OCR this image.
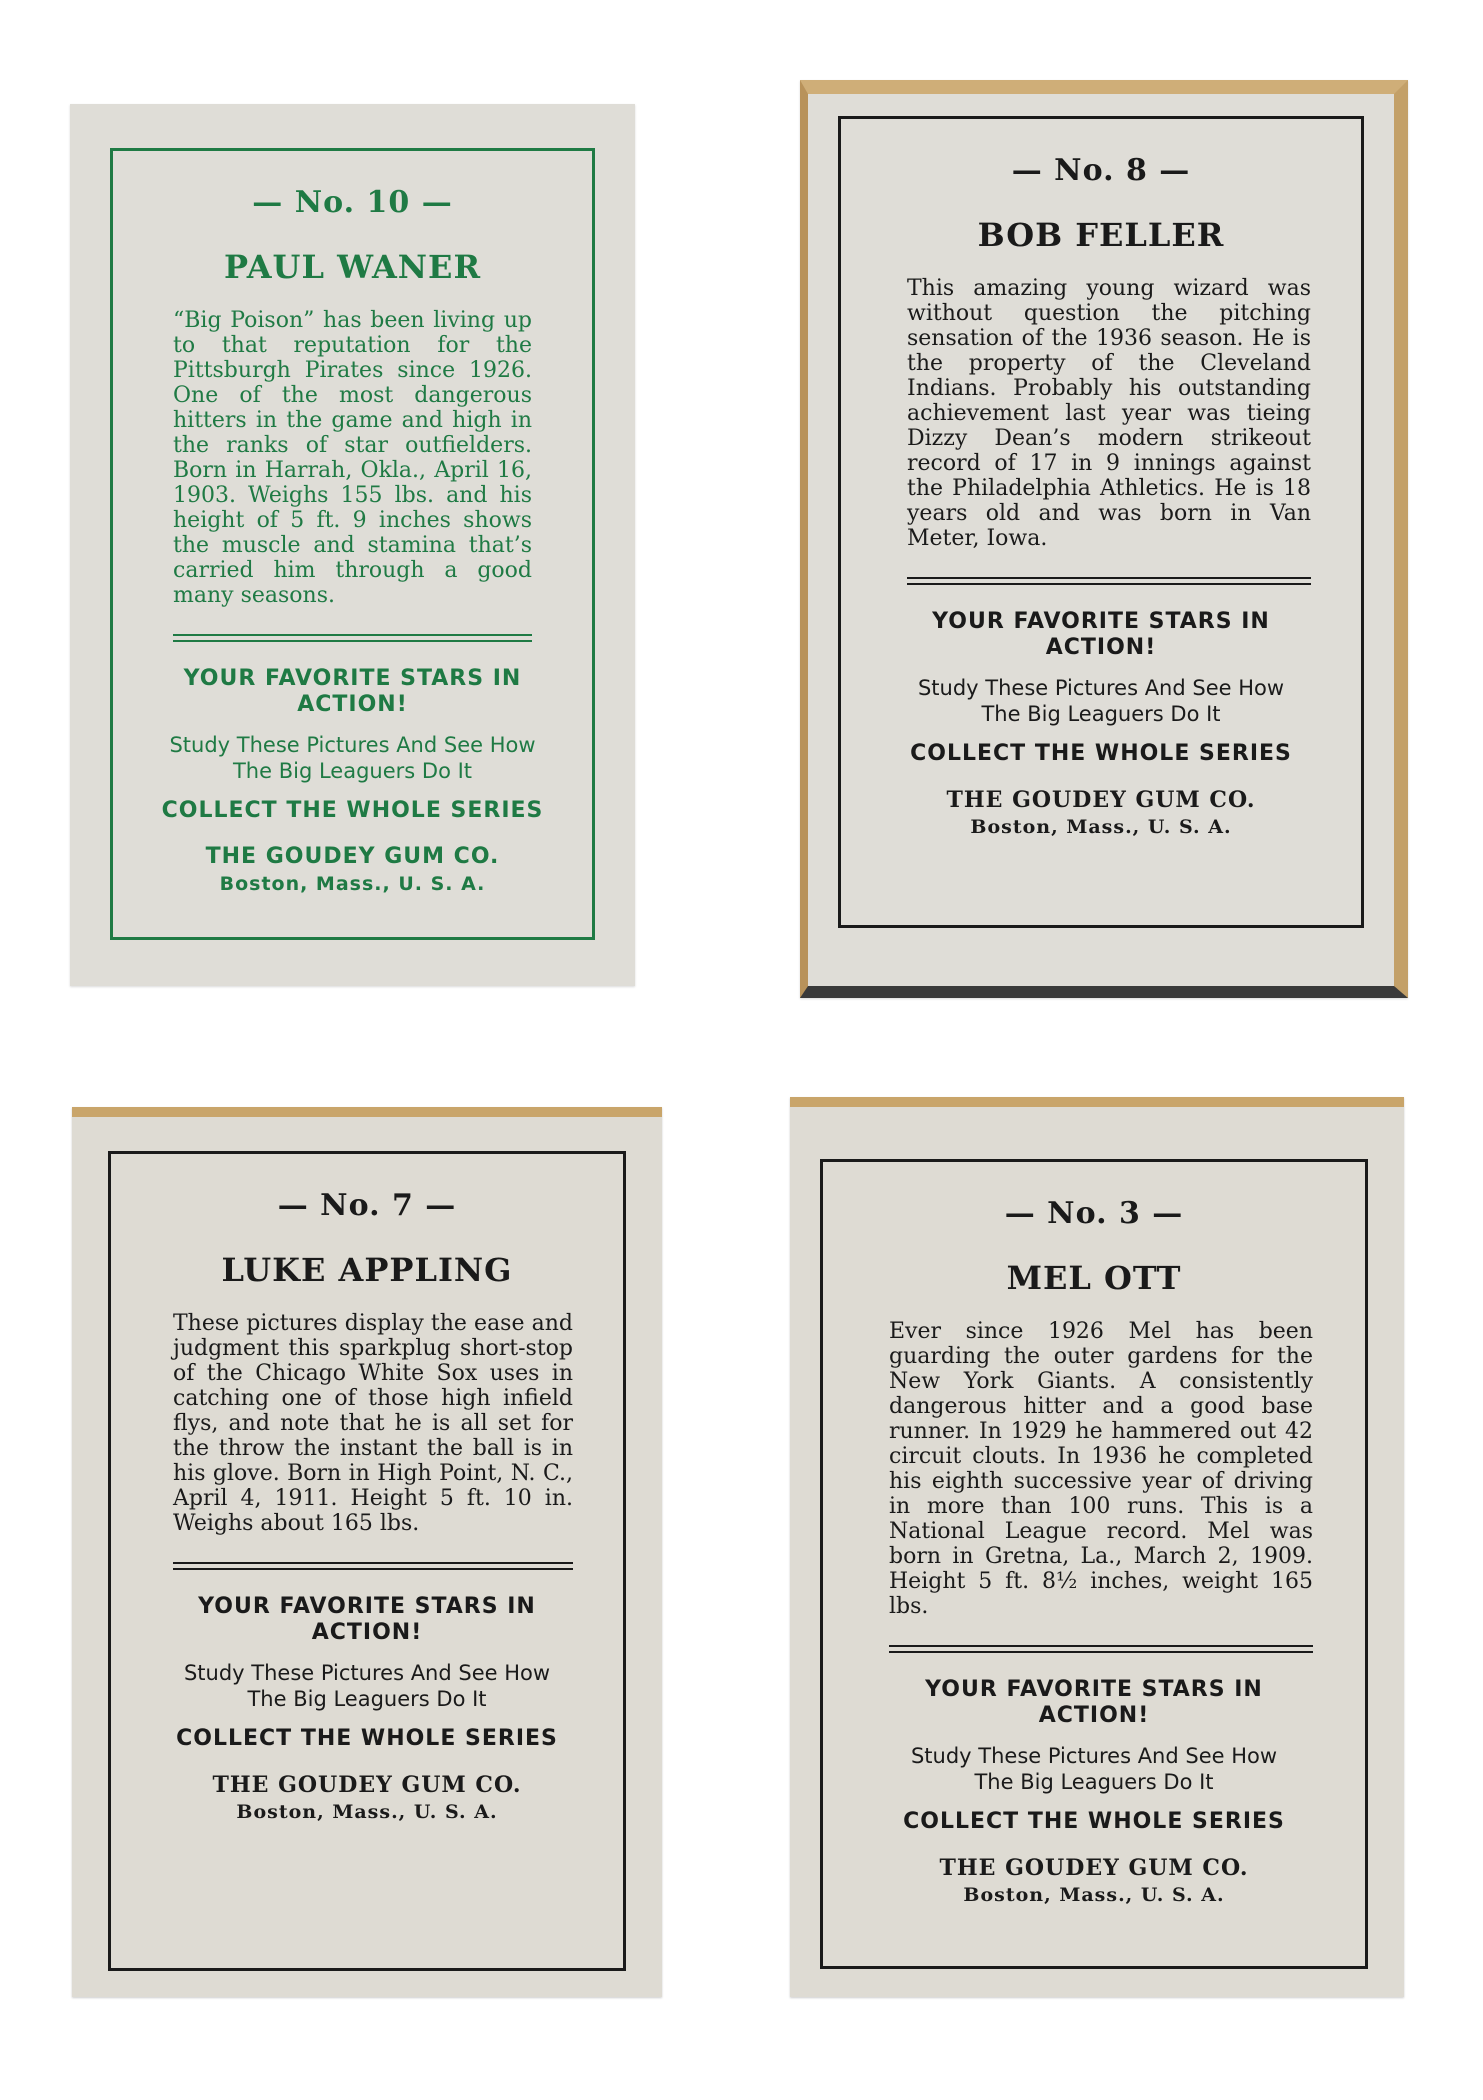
— No. 10 —
PAUL WANER
“Big Poison” has been living up to that reputation for the Pittsburgh Pirates since 1926. One of the most dangerous hitters in the game and high in the ranks of star outfielders. Born in Harrah, Okla., April 16, 1903. Weighs 155 lbs. and his height of 5 ft. 9 inches shows the muscle and stamina that’s carried him through a good many seasons.
YOUR FAVORITE STARS IN ACTION!
Study These Pictures And See How The Big Leaguers Do It
COLLECT THE WHOLE SERIES
THE GOUDEY GUM CO.
Boston, Mass., U. S. A.
— No. 8 —
BOB FELLER
This amazing young wizard was without question the pitching sensation of the 1936 season. He is the property of the Cleveland Indians. Probably his outstanding achievement last year was tieing Dizzy Dean’s modern strikeout record of 17 in 9 innings against the Philadelphia Athletics. He is 18 years old and was born in Van Meter, Iowa.
YOUR FAVORITE STARS IN ACTION!
Study These Pictures And See How The Big Leaguers Do It
COLLECT THE WHOLE SERIES
THE GOUDEY GUM CO.
Boston, Mass., U. S. A.
— No. 7 —
LUKE APPLING
These pictures display the ease and judgment this sparkplug short-stop of the Chicago White Sox uses in catching one of those high infield flys, and note that he is all set for the throw the instant the ball is in his glove. Born in High Point, N. C., April 4, 1911. Height 5 ft. 10 in. Weighs about 165 lbs.
YOUR FAVORITE STARS IN ACTION!
Study These Pictures And See How The Big Leaguers Do It
COLLECT THE WHOLE SERIES
THE GOUDEY GUM CO.
Boston, Mass., U. S. A.
— No. 3 —
MEL OTT
Ever since 1926 Mel has been guarding the outer gardens for the New York Giants. A consistently dangerous hitter and a good base runner. In 1929 he hammered out 42 circuit clouts. In 1936 he completed his eighth successive year of driving in more than 100 runs. This is a National League record. Mel was born in Gretna, La., March 2, 1909. Height 5 ft. 8½ inches, weight 165 lbs.
YOUR FAVORITE STARS IN ACTION!
Study These Pictures And See How The Big Leaguers Do It
COLLECT THE WHOLE SERIES
THE GOUDEY GUM CO.
Boston, Mass., U. S. A.
